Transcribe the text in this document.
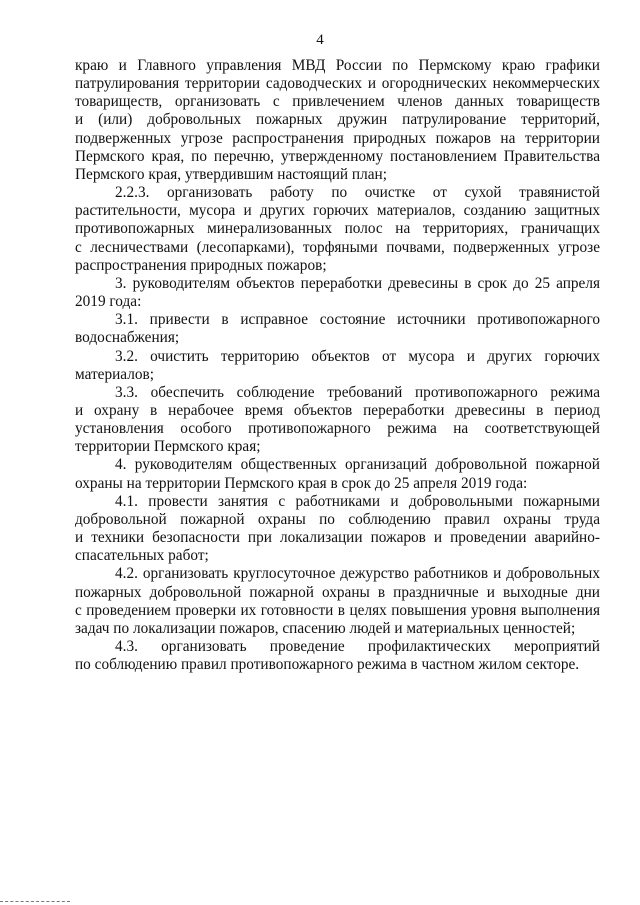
4
краю и Главного управления МВД России по Пермскому краю графики
патрулирования территории садоводческих и огороднических некоммерческих
товариществ, организовать с привлечением членов данных товариществ
и (или) добровольных пожарных дружин патрулирование территорий,
подверженных угрозе распространения природных пожаров на территории
Пермского края, по перечню, утвержденному постановлением Правительства
Пермского края, утвердившим настоящий план;
2.2.3. организовать работу по очистке от сухой травянистой
растительности, мусора и других горючих материалов, созданию защитных
противопожарных минерализованных полос на территориях, граничащих
с лесничествами (лесопарками), торфяными почвами, подверженных угрозе
распространения природных пожаров;
3. руководителям объектов переработки древесины в срок до 25 апреля
2019 года:
3.1. привести в исправное состояние источники противопожарного
водоснабжения;
3.2. очистить территорию объектов от мусора и других горючих
материалов;
3.3. обеспечить соблюдение требований противопожарного режима
и охрану в нерабочее время объектов переработки древесины в период
установления особого противопожарного режима на соответствующей
территории Пермского края;
4. руководителям общественных организаций добровольной пожарной
охраны на территории Пермского края в срок до 25 апреля 2019 года:
4.1. провести занятия с работниками и добровольными пожарными
добровольной пожарной охраны по соблюдению правил охраны труда
и техники безопасности при локализации пожаров и проведении аварийно-
спасательных работ;
4.2. организовать круглосуточное дежурство работников и добровольных
пожарных добровольной пожарной охраны в праздничные и выходные дни
с проведением проверки их готовности в целях повышения уровня выполнения
задач по локализации пожаров, спасению людей и материальных ценностей;
4.3. организовать проведение профилактических мероприятий
по соблюдению правил противопожарного режима в частном жилом секторе.
